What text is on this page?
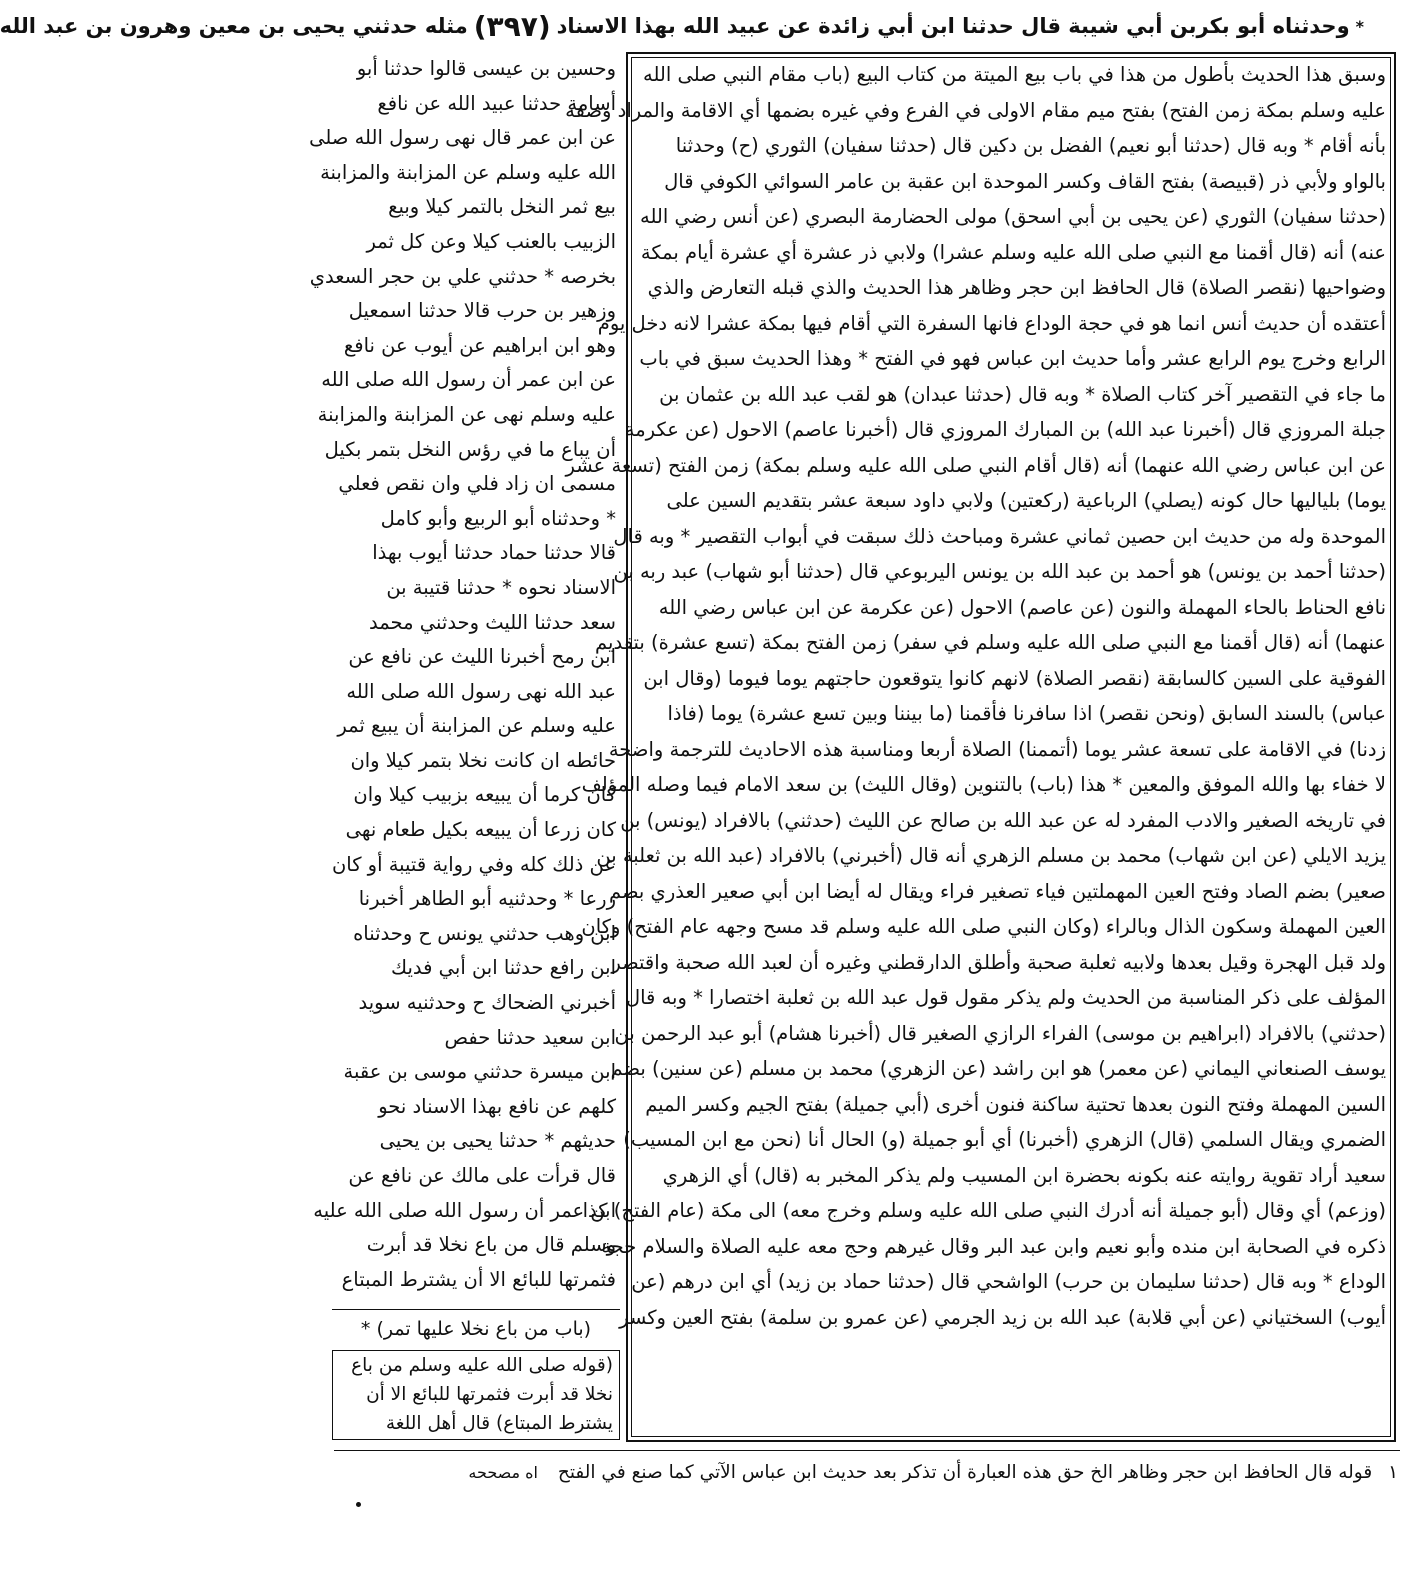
*
وحدثناه أبو بكربن أبي شيبة قال حدثنا ابن أبي زائدة عن عبيد الله بهذا الاسناد
(٣٩٧)
مثله حدثني يحيى بن معين وهرون بن عبد الله
وسبق هذا الحديث بأطول من هذا في باب بيع الميتة من كتاب البيع (باب مقام النبي صلى الله
عليه وسلم بمكة زمن الفتح) بفتح ميم مقام الاولى في الفرع وفي غيره بضمها أي الاقامة والمراد وصفه
بأنه أقام * وبه قال (حدثنا أبو نعيم) الفضل بن دكين قال (حدثنا سفيان) الثوري (ح) وحدثنا
بالواو ولأبي ذر (قبيصة) بفتح القاف وكسر الموحدة ابن عقبة بن عامر السوائي الكوفي قال
(حدثنا سفيان) الثوري (عن يحيى بن أبي اسحق) مولى الحضارمة البصري (عن أنس رضي الله
عنه) أنه (قال أقمنا مع النبي صلى الله عليه وسلم عشرا) ولابي ذر عشرة أي عشرة أيام بمكة
وضواحيها (نقصر الصلاة) قال الحافظ ابن حجر وظاهر هذا الحديث والذي قبله التعارض والذي
أعتقده أن حديث أنس انما هو في حجة الوداع فانها السفرة التي أقام فيها بمكة عشرا لانه دخل يوم
الرابع وخرج يوم الرابع عشر وأما حديث ابن عباس فهو في الفتح * وهذا الحديث سبق في باب
ما جاء في التقصير آخر كتاب الصلاة * وبه قال (حدثنا عبدان) هو لقب عبد الله بن عثمان بن
جبلة المروزي قال (أخبرنا عبد الله) بن المبارك المروزي قال (أخبرنا عاصم) الاحول (عن عكرمة
عن ابن عباس رضي الله عنهما) أنه (قال أقام النبي صلى الله عليه وسلم بمكة) زمن الفتح (تسعة عشر
يوما) بلياليها حال كونه (يصلي) الرباعية (ركعتين) ولابي داود سبعة عشر بتقديم السين على
الموحدة وله من حديث ابن حصين ثماني عشرة ومباحث ذلك سبقت في أبواب التقصير * وبه قال
(حدثنا أحمد بن يونس) هو أحمد بن عبد الله بن يونس اليربوعي قال (حدثنا أبو شهاب) عبد ربه بن
نافع الحناط بالحاء المهملة والنون (عن عاصم) الاحول (عن عكرمة عن ابن عباس رضي الله
عنهما) أنه (قال أقمنا مع النبي صلى الله عليه وسلم في سفر) زمن الفتح بمكة (تسع عشرة) بتقديم
الفوقية على السين كالسابقة (نقصر الصلاة) لانهم كانوا يتوقعون حاجتهم يوما فيوما (وقال ابن
عباس) بالسند السابق (ونحن نقصر) اذا سافرنا فأقمنا (ما بيننا وبين تسع عشرة) يوما (فاذا
زدنا) في الاقامة على تسعة عشر يوما (أتممنا) الصلاة أربعا ومناسبة هذه الاحاديث للترجمة واضحة
لا خفاء بها والله الموفق والمعين * هذا (باب) بالتنوين (وقال الليث) بن سعد الامام فيما وصله المؤلف
في تاريخه الصغير والادب المفرد له عن عبد الله بن صالح عن الليث (حدثني) بالافراد (يونس) بن
يزيد الايلي (عن ابن شهاب) محمد بن مسلم الزهري أنه قال (أخبرني) بالافراد (عبد الله بن ثعلبة بن
صعير) بضم الصاد وفتح العين المهملتين فياء تصغير فراء ويقال له أيضا ابن أبي صعير العذري بضم
العين المهملة وسكون الذال وبالراء (وكان النبي صلى الله عليه وسلم قد مسح وجهه عام الفتح) وكان
ولد قبل الهجرة وقيل بعدها ولابيه ثعلبة صحبة وأطلق الدارقطني وغيره أن لعبد الله صحبة واقتصر
المؤلف على ذكر المناسبة من الحديث ولم يذكر مقول قول عبد الله بن ثعلبة اختصارا * وبه قال
(حدثني) بالافراد (ابراهيم بن موسى) الفراء الرازي الصغير قال (أخبرنا هشام) أبو عبد الرحمن بن
يوسف الصنعاني اليماني (عن معمر) هو ابن راشد (عن الزهري) محمد بن مسلم (عن سنين) بضم
السين المهملة وفتح النون بعدها تحتية ساكنة فنون أخرى (أبي جميلة) بفتح الجيم وكسر الميم
الضمري ويقال السلمي (قال) الزهري (أخبرنا) أي أبو جميلة (و) الحال أنا (نحن مع ابن المسيب)
سعيد أراد تقوية روايته عنه بكونه بحضرة ابن المسيب ولم يذكر المخبر به (قال) أي الزهري
(وزعم) أي وقال (أبو جميلة أنه أدرك النبي صلى الله عليه وسلم وخرج معه) الى مكة (عام الفتح) كذا
ذكره في الصحابة ابن منده وأبو نعيم وابن عبد البر وقال غيرهم وحج معه عليه الصلاة والسلام حجة
الوداع * وبه قال (حدثنا سليمان بن حرب) الواشحي قال (حدثنا حماد بن زيد) أي ابن درهم (عن
أيوب) السختياني (عن أبي قلابة) عبد الله بن زيد الجرمي (عن عمرو بن سلمة) بفتح العين وكسر
وحسين بن عيسى قالوا حدثنا أبو
أسامة حدثنا عبيد الله عن نافع
عن ابن عمر قال نهى رسول الله صلى
الله عليه وسلم عن المزابنة والمزابنة
بيع ثمر النخل بالتمر كيلا وبيع
الزبيب بالعنب كيلا وعن كل ثمر
بخرصه * حدثني علي بن حجر السعدي
وزهير بن حرب قالا حدثنا اسمعيل
وهو ابن ابراهيم عن أيوب عن نافع
عن ابن عمر أن رسول الله صلى الله
عليه وسلم نهى عن المزابنة والمزابنة
أن يباع ما في رؤس النخل بتمر بكيل
مسمى ان زاد فلي وان نقص فعلي
* وحدثناه أبو الربيع وأبو كامل
قالا حدثنا حماد حدثنا أيوب بهذا
الاسناد نحوه * حدثنا قتيبة بن
سعد حدثنا الليث وحدثني محمد
ابن رمح أخبرنا الليث عن نافع عن
عبد الله نهى رسول الله صلى الله
عليه وسلم عن المزابنة أن يبيع ثمر
حائطه ان كانت نخلا بتمر كيلا وان
كان كرما أن يبيعه بزبيب كيلا وان
كان زرعا أن يبيعه بكيل طعام نهى
عن ذلك كله وفي رواية قتيبة أو كان
زرعا * وحدثنيه أبو الطاهر أخبرنا
ابن وهب حدثني يونس ح وحدثناه
ابن رافع حدثنا ابن أبي فديك
أخبرني الضحاك ح وحدثنيه سويد
ابن سعيد حدثنا حفص
ابن ميسرة حدثني موسى بن عقبة
كلهم عن نافع بهذا الاسناد نحو
حديثهم * حدثنا يحيى بن يحيى
قال قرأت على مالك عن نافع عن
ابن عمر أن رسول الله صلى الله عليه
وسلم قال من باع نخلا قد أبرت
فثمرتها للبائع الا أن يشترط المبتاع
(باب من باع نخلا عليها تمر) *
(قوله صلى الله عليه وسلم من باع
نخلا قد أبرت فثمرتها للبائع الا أن
يشترط المبتاع) قال أهل اللغة
١ قوله قال الحافظ ابن حجر وظاهر الخ حق هذه العبارة أن تذكر بعد حديث ابن عباس الآتي كما صنع في الفتح اه مصححه
